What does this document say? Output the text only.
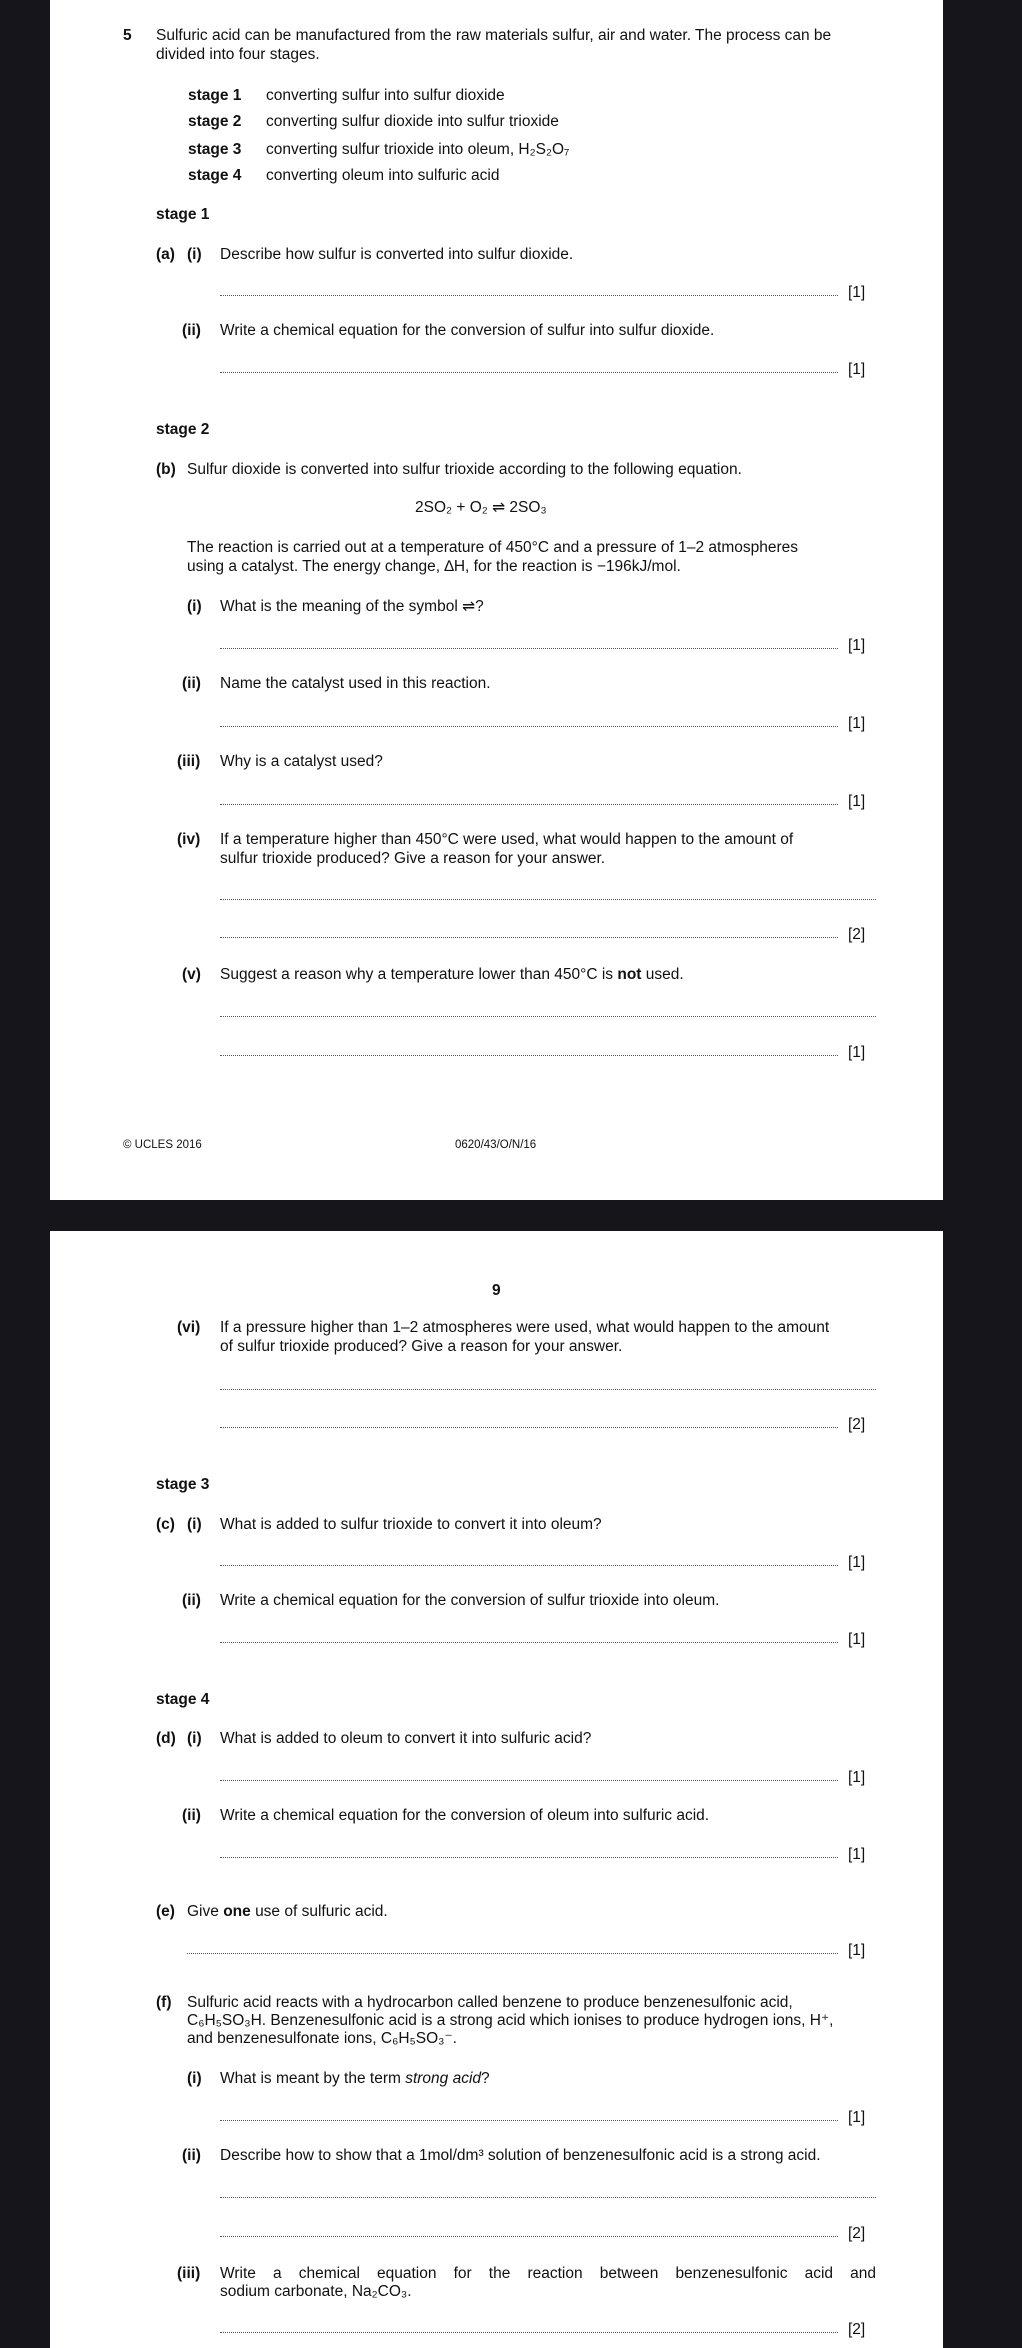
5 Sulfuric acid can be manufactured from the raw materials sulfur, air and water. The process can be
divided into four stages.
stage 1 converting sulfur into sulfur dioxide
stage 2 converting sulfur dioxide into sulfur trioxide
stage 3 converting sulfur trioxide into oleum, H₂S₂O₇
stage 4 converting oleum into sulfuric acid
stage 1
(a) (i) Describe how sulfur is converted into sulfur dioxide.
[1]
(ii) Write a chemical equation for the conversion of sulfur into sulfur dioxide.
[1]
stage 2
(b) Sulfur dioxide is converted into sulfur trioxide according to the following equation.
2SO₂ + O₂ ⇌ 2SO₃
The reaction is carried out at a temperature of 450°C and a pressure of 1–2 atmospheres
using a catalyst. The energy change, ∆H, for the reaction is −196kJ/mol.
(i) What is the meaning of the symbol ⇌?
[1]
(ii) Name the catalyst used in this reaction.
[1]
(iii) Why is a catalyst used?
[1]
(iv) If a temperature higher than 450°C were used, what would happen to the amount of
sulfur trioxide produced? Give a reason for your answer.
[2]
(v) Suggest a reason why a temperature lower than 450°C is not used.
[1]
© UCLES 2016	0620/43/O/N/16
9
(vi) If a pressure higher than 1–2 atmospheres were used, what would happen to the amount
of sulfur trioxide produced? Give a reason for your answer.
[2]
stage 3
(c) (i) What is added to sulfur trioxide to convert it into oleum?
[1]
(ii) Write a chemical equation for the conversion of sulfur trioxide into oleum.
[1]
stage 4
(d) (i) What is added to oleum to convert it into sulfuric acid?
[1]
(ii) Write a chemical equation for the conversion of oleum into sulfuric acid.
[1]
(e) Give one use of sulfuric acid.
[1]
(f) Sulfuric acid reacts with a hydrocarbon called benzene to produce benzenesulfonic acid,
C₆H₅SO₃H. Benzenesulfonic acid is a strong acid which ionises to produce hydrogen ions, H⁺,
and benzenesulfonate ions, C₆H₅SO₃⁻.
(i) What is meant by the term strong acid?
[1]
(ii) Describe how to show that a 1mol/dm³ solution of benzenesulfonic acid is a strong acid.
[2]
(iii) Write a chemical equation for the reaction between benzenesulfonic acid and
sodium carbonate, Na₂CO₃.
[2]
